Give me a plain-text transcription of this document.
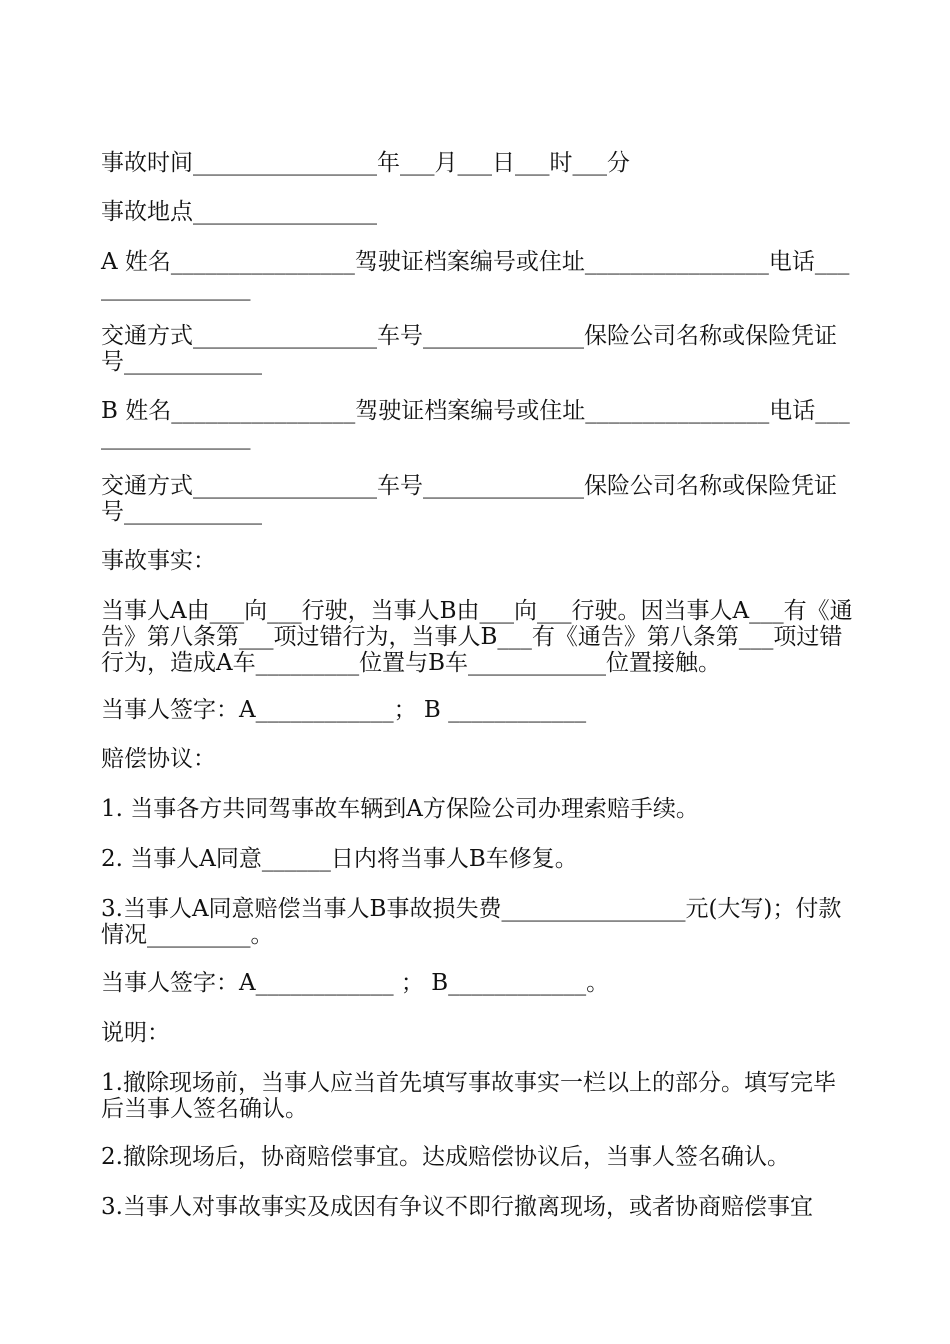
事故时间________________年___月___日___时___分

事故地点________________

A 姓名________________驾驶证档案编号或住址________________电话________________

交通方式________________车号______________保险公司名称或保险凭证号____________

B 姓名________________驾驶证档案编号或住址________________电话________________

交通方式________________车号______________保险公司名称或保险凭证号____________

事故事实：

当事人A由___向___行驶，当事人B由___向___行驶。因当事人A___有《通告》第八条第___项过错行为，当事人B___有《通告》第八条第___项过错行为，造成A车_________位置与B车____________位置接触。

当事人签字：A____________； B ____________

赔偿协议：

1. 当事各方共同驾事故车辆到A方保险公司办理索赔手续。

2. 当事人A同意______日内将当事人B车修复。

3.当事人A同意赔偿当事人B事故损失费________________元(大写)；付款情况_________。

当事人签字：A____________ ； B____________。

说明：

1.撤除现场前，当事人应当首先填写事故事实一栏以上的部分。填写完毕后当事人签名确认。

2.撤除现场后，协商赔偿事宜。达成赔偿协议后，当事人签名确认。

3.当事人对事故事实及成因有争议不即行撤离现场，或者协商赔偿事宜
